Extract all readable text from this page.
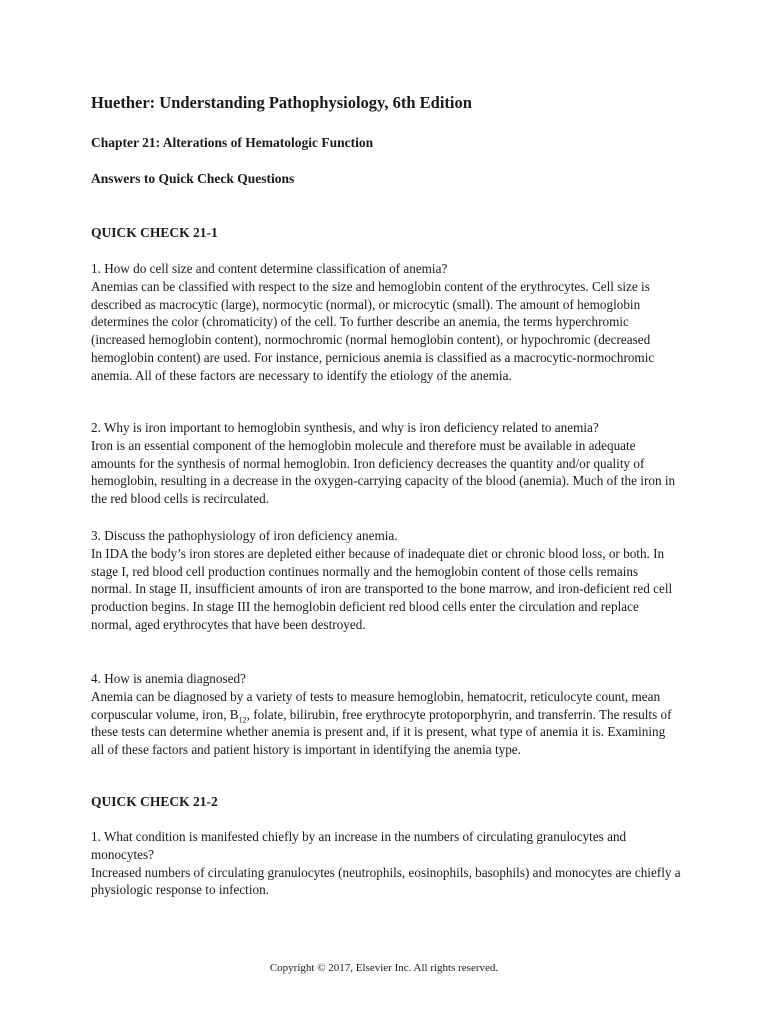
Huether: Understanding Pathophysiology, 6th Edition
Chapter 21: Alterations of Hematologic Function
Answers to Quick Check Questions
QUICK CHECK 21-1

1. How do cell size and content determine classification of anemia?

Anemias can be classified with respect to the size and hemoglobin content of the erythrocytes. Cell size is described as macrocytic (large), normocytic (normal), or microcytic (small). The amount of hemoglobin determines the color (chromaticity) of the cell. To further describe an anemia, the terms hyperchromic (increased hemoglobin content), normochromic (normal hemoglobin content), or hypochromic (decreased hemoglobin content) are used. For instance, pernicious anemia is classified as a macrocytic-normochromic anemia. All of these factors are necessary to identify the etiology of the anemia.

2. Why is iron important to hemoglobin synthesis, and why is iron deficiency related to anemia?

Iron is an essential component of the hemoglobin molecule and therefore must be available in adequate amounts for the synthesis of normal hemoglobin. Iron deficiency decreases the quantity and/or quality of hemoglobin, resulting in a decrease in the oxygen-carrying capacity of the blood (anemia). Much of the iron in the red blood cells is recirculated.

3. Discuss the pathophysiology of iron deficiency anemia.

In IDA the body’s iron stores are depleted either because of inadequate diet or chronic blood loss, or both. In stage I, red blood cell production continues normally and the hemoglobin content of those cells remains normal. In stage II, insufficient amounts of iron are transported to the bone marrow, and iron-deficient red cell production begins. In stage III the hemoglobin deficient red blood cells enter the circulation and replace normal, aged erythrocytes that have been destroyed.

4. How is anemia diagnosed?

Anemia can be diagnosed by a variety of tests to measure hemoglobin, hematocrit, reticulocyte count, mean corpuscular volume, iron, $B_{12}$, folate, bilirubin, free erythrocyte protoporphyrin, and transferrin. The results of these tests can determine whether anemia is present and, if it is present, what type of anemia it is. Examining all of these factors and patient history is important in identifying the anemia type.

QUICK CHECK 21-2

1. What condition is manifested chiefly by an increase in the numbers of circulating granulocytes and monocytes?

Increased numbers of circulating granulocytes (neutrophils, eosinophils, basophils) and monocytes are chiefly a physiologic response to infection.

Copyright © 2017, Elsevier Inc. All rights reserved.
